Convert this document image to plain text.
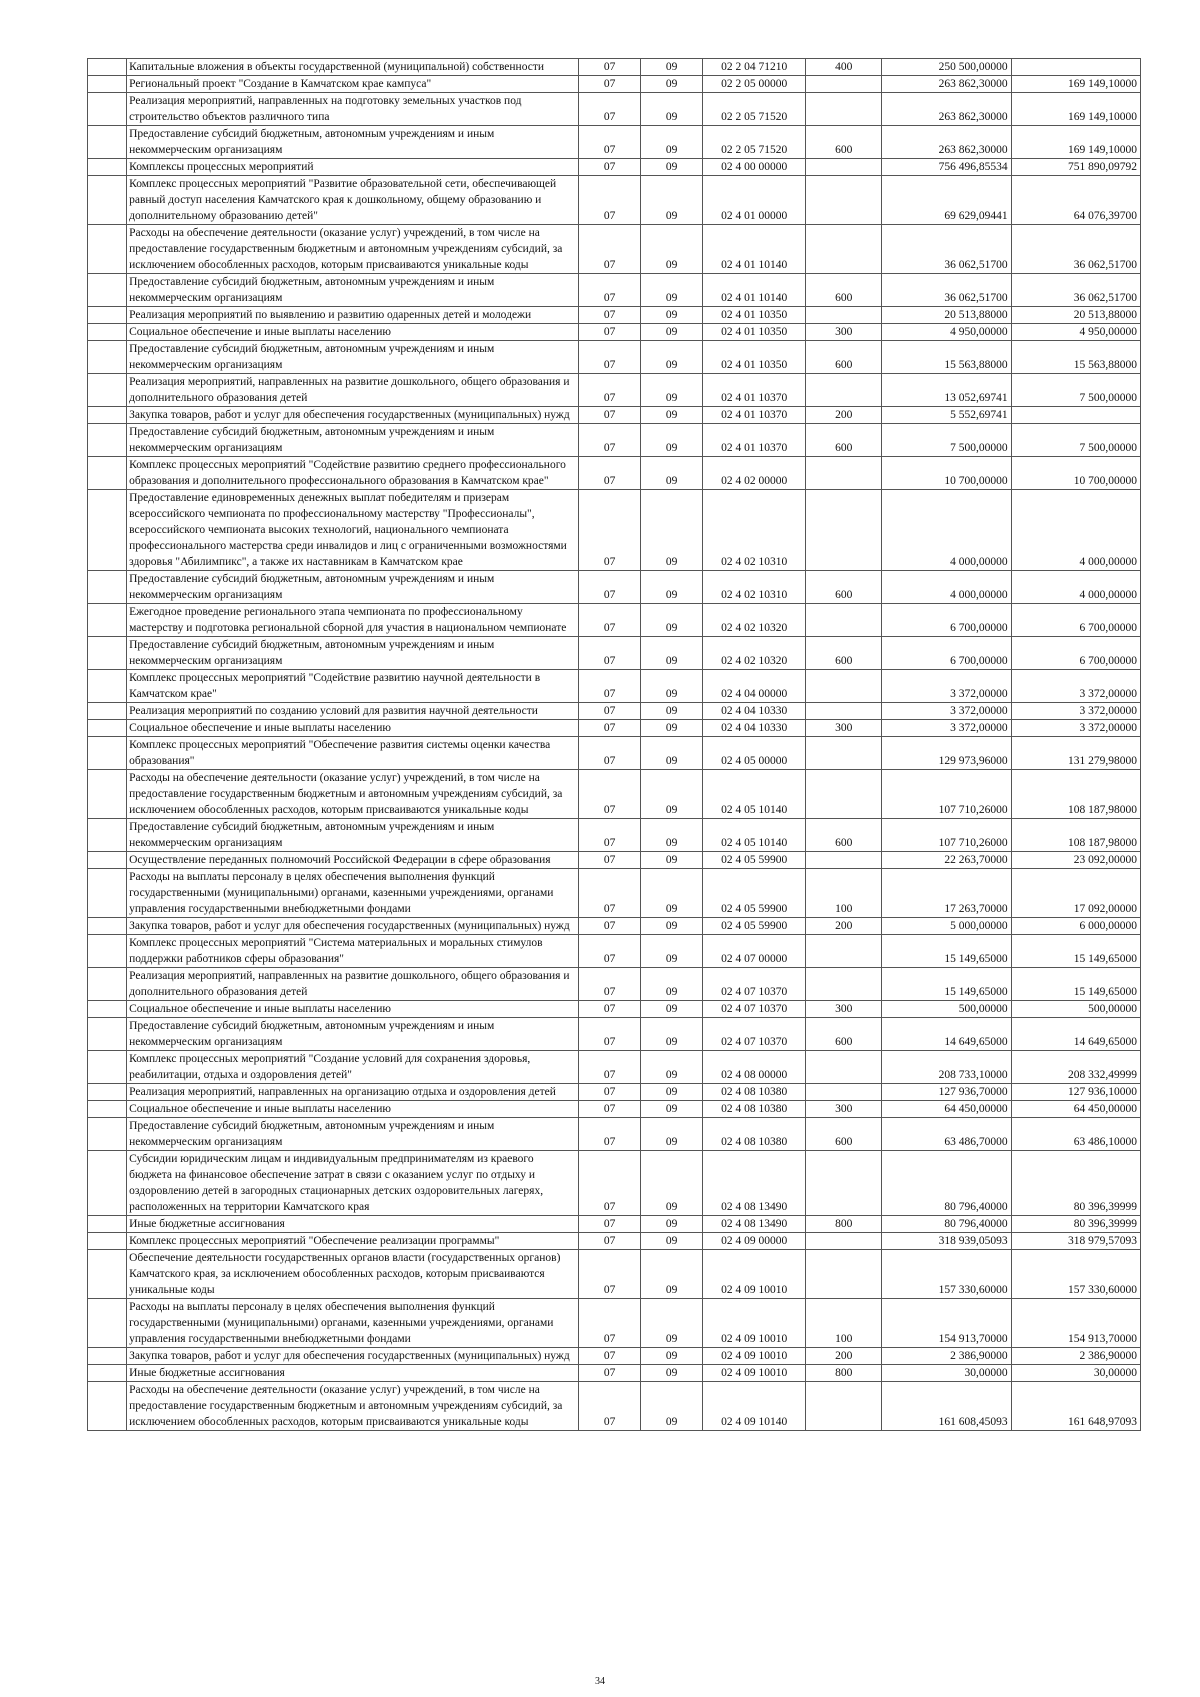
	Капитальные вложения в объекты государственной (муниципальной) собственности	07	09	02 2 04 71210	400	250 500,00000	
	Региональный проект "Создание в Камчатском крае кампуса"	07	09	02 2 05 00000		263 862,30000	169 149,10000
	Реализация мероприятий, направленных на подготовку земельных участков под строительство объектов различного типа	07	09	02 2 05 71520		263 862,30000	169 149,10000
	Предоставление субсидий бюджетным, автономным учреждениям и иным некоммерческим организациям	07	09	02 2 05 71520	600	263 862,30000	169 149,10000
	Комплексы процессных мероприятий	07	09	02 4 00 00000		756 496,85534	751 890,09792
	Комплекс процессных мероприятий "Развитие образовательной сети, обеспечивающей равный доступ населения Камчатского края к дошкольному, общему образованию и дополнительному образованию детей"	07	09	02 4 01 00000		69 629,09441	64 076,39700
	Расходы на обеспечение деятельности (оказание услуг) учреждений, в том числе на предоставление государственным бюджетным и автономным учреждениям субсидий, за исключением обособленных расходов, которым присваиваются уникальные коды	07	09	02 4 01 10140		36 062,51700	36 062,51700
	Предоставление субсидий бюджетным, автономным учреждениям и иным некоммерческим организациям	07	09	02 4 01 10140	600	36 062,51700	36 062,51700
	Реализация мероприятий по выявлению и развитию одаренных детей и молодежи	07	09	02 4 01 10350		20 513,88000	20 513,88000
	Социальное обеспечение и иные выплаты населению	07	09	02 4 01 10350	300	4 950,00000	4 950,00000
	Предоставление субсидий бюджетным, автономным учреждениям и иным некоммерческим организациям	07	09	02 4 01 10350	600	15 563,88000	15 563,88000
	Реализация мероприятий, направленных на развитие дошкольного, общего образования и дополнительного образования детей	07	09	02 4 01 10370		13 052,69741	7 500,00000
	Закупка товаров, работ и услуг для обеспечения государственных (муниципальных) нужд	07	09	02 4 01 10370	200	5 552,69741	
	Предоставление субсидий бюджетным, автономным учреждениям и иным некоммерческим организациям	07	09	02 4 01 10370	600	7 500,00000	7 500,00000
	Комплекс процессных мероприятий "Содействие развитию среднего профессионального образования и дополнительного профессионального образования в Камчатском крае"	07	09	02 4 02 00000		10 700,00000	10 700,00000
	Предоставление единовременных денежных выплат победителям и призерам всероссийского чемпионата по профессиональному мастерству "Профессионалы", всероссийского чемпионата высоких технологий, национального чемпионата профессионального мастерства среди инвалидов и лиц с ограниченными возможностями здоровья "Абилимпикс", а также их наставникам в Камчатском крае	07	09	02 4 02 10310		4 000,00000	4 000,00000
	Предоставление субсидий бюджетным, автономным учреждениям и иным некоммерческим организациям	07	09	02 4 02 10310	600	4 000,00000	4 000,00000
	Ежегодное проведение регионального этапа чемпионата по профессиональному мастерству и подготовка региональной сборной для участия в национальном чемпионате	07	09	02 4 02 10320		6 700,00000	6 700,00000
	Предоставление субсидий бюджетным, автономным учреждениям и иным некоммерческим организациям	07	09	02 4 02 10320	600	6 700,00000	6 700,00000
	Комплекс процессных мероприятий "Содействие развитию научной деятельности в Камчатском крае"	07	09	02 4 04 00000		3 372,00000	3 372,00000
	Реализация мероприятий по созданию условий для развития научной деятельности	07	09	02 4 04 10330		3 372,00000	3 372,00000
	Социальное обеспечение и иные выплаты населению	07	09	02 4 04 10330	300	3 372,00000	3 372,00000
	Комплекс процессных мероприятий "Обеспечение развития системы оценки качества образования"	07	09	02 4 05 00000		129 973,96000	131 279,98000
	Расходы на обеспечение деятельности (оказание услуг) учреждений, в том числе на предоставление государственным бюджетным и автономным учреждениям субсидий, за исключением обособленных расходов, которым присваиваются уникальные коды	07	09	02 4 05 10140		107 710,26000	108 187,98000
	Предоставление субсидий бюджетным, автономным учреждениям и иным некоммерческим организациям	07	09	02 4 05 10140	600	107 710,26000	108 187,98000
	Осуществление переданных полномочий Российской Федерации в сфере образования	07	09	02 4 05 59900		22 263,70000	23 092,00000
	Расходы на выплаты персоналу в целях обеспечения выполнения функций государственными (муниципальными) органами, казенными учреждениями, органами управления государственными внебюджетными фондами	07	09	02 4 05 59900	100	17 263,70000	17 092,00000
	Закупка товаров, работ и услуг для обеспечения государственных (муниципальных) нужд	07	09	02 4 05 59900	200	5 000,00000	6 000,00000
	Комплекс процессных мероприятий "Система материальных и моральных стимулов поддержки работников сферы образования"	07	09	02 4 07 00000		15 149,65000	15 149,65000
	Реализация мероприятий, направленных на развитие дошкольного, общего образования и дополнительного образования детей	07	09	02 4 07 10370		15 149,65000	15 149,65000
	Социальное обеспечение и иные выплаты населению	07	09	02 4 07 10370	300	500,00000	500,00000
	Предоставление субсидий бюджетным, автономным учреждениям и иным некоммерческим организациям	07	09	02 4 07 10370	600	14 649,65000	14 649,65000
	Комплекс процессных мероприятий "Создание условий для сохранения здоровья, реабилитации, отдыха и оздоровления детей"	07	09	02 4 08 00000		208 733,10000	208 332,49999
	Реализация мероприятий, направленных на организацию отдыха и оздоровления детей	07	09	02 4 08 10380		127 936,70000	127 936,10000
	Социальное обеспечение и иные выплаты населению	07	09	02 4 08 10380	300	64 450,00000	64 450,00000
	Предоставление субсидий бюджетным, автономным учреждениям и иным некоммерческим организациям	07	09	02 4 08 10380	600	63 486,70000	63 486,10000
	Субсидии юридическим лицам и индивидуальным предпринимателям из краевого бюджета на финансовое обеспечение затрат в связи с оказанием услуг по отдыху и оздоровлению детей в загородных стационарных детских оздоровительных лагерях, расположенных на территории Камчатского края	07	09	02 4 08 13490		80 796,40000	80 396,39999
	Иные бюджетные ассигнования	07	09	02 4 08 13490	800	80 796,40000	80 396,39999
	Комплекс процессных мероприятий "Обеспечение реализации программы"	07	09	02 4 09 00000		318 939,05093	318 979,57093
	Обеспечение деятельности государственных органов власти (государственных органов) Камчатского края, за исключением обособленных расходов, которым присваиваются уникальные коды	07	09	02 4 09 10010		157 330,60000	157 330,60000
	Расходы на выплаты персоналу в целях обеспечения выполнения функций государственными (муниципальными) органами, казенными учреждениями, органами управления государственными внебюджетными фондами	07	09	02 4 09 10010	100	154 913,70000	154 913,70000
	Закупка товаров, работ и услуг для обеспечения государственных (муниципальных) нужд	07	09	02 4 09 10010	200	2 386,90000	2 386,90000
	Иные бюджетные ассигнования	07	09	02 4 09 10010	800	30,00000	30,00000
	Расходы на обеспечение деятельности (оказание услуг) учреждений, в том числе на предоставление государственным бюджетным и автономным учреждениям субсидий, за исключением обособленных расходов, которым присваиваются уникальные коды	07	09	02 4 09 10140		161 608,45093	161 648,97093
34
